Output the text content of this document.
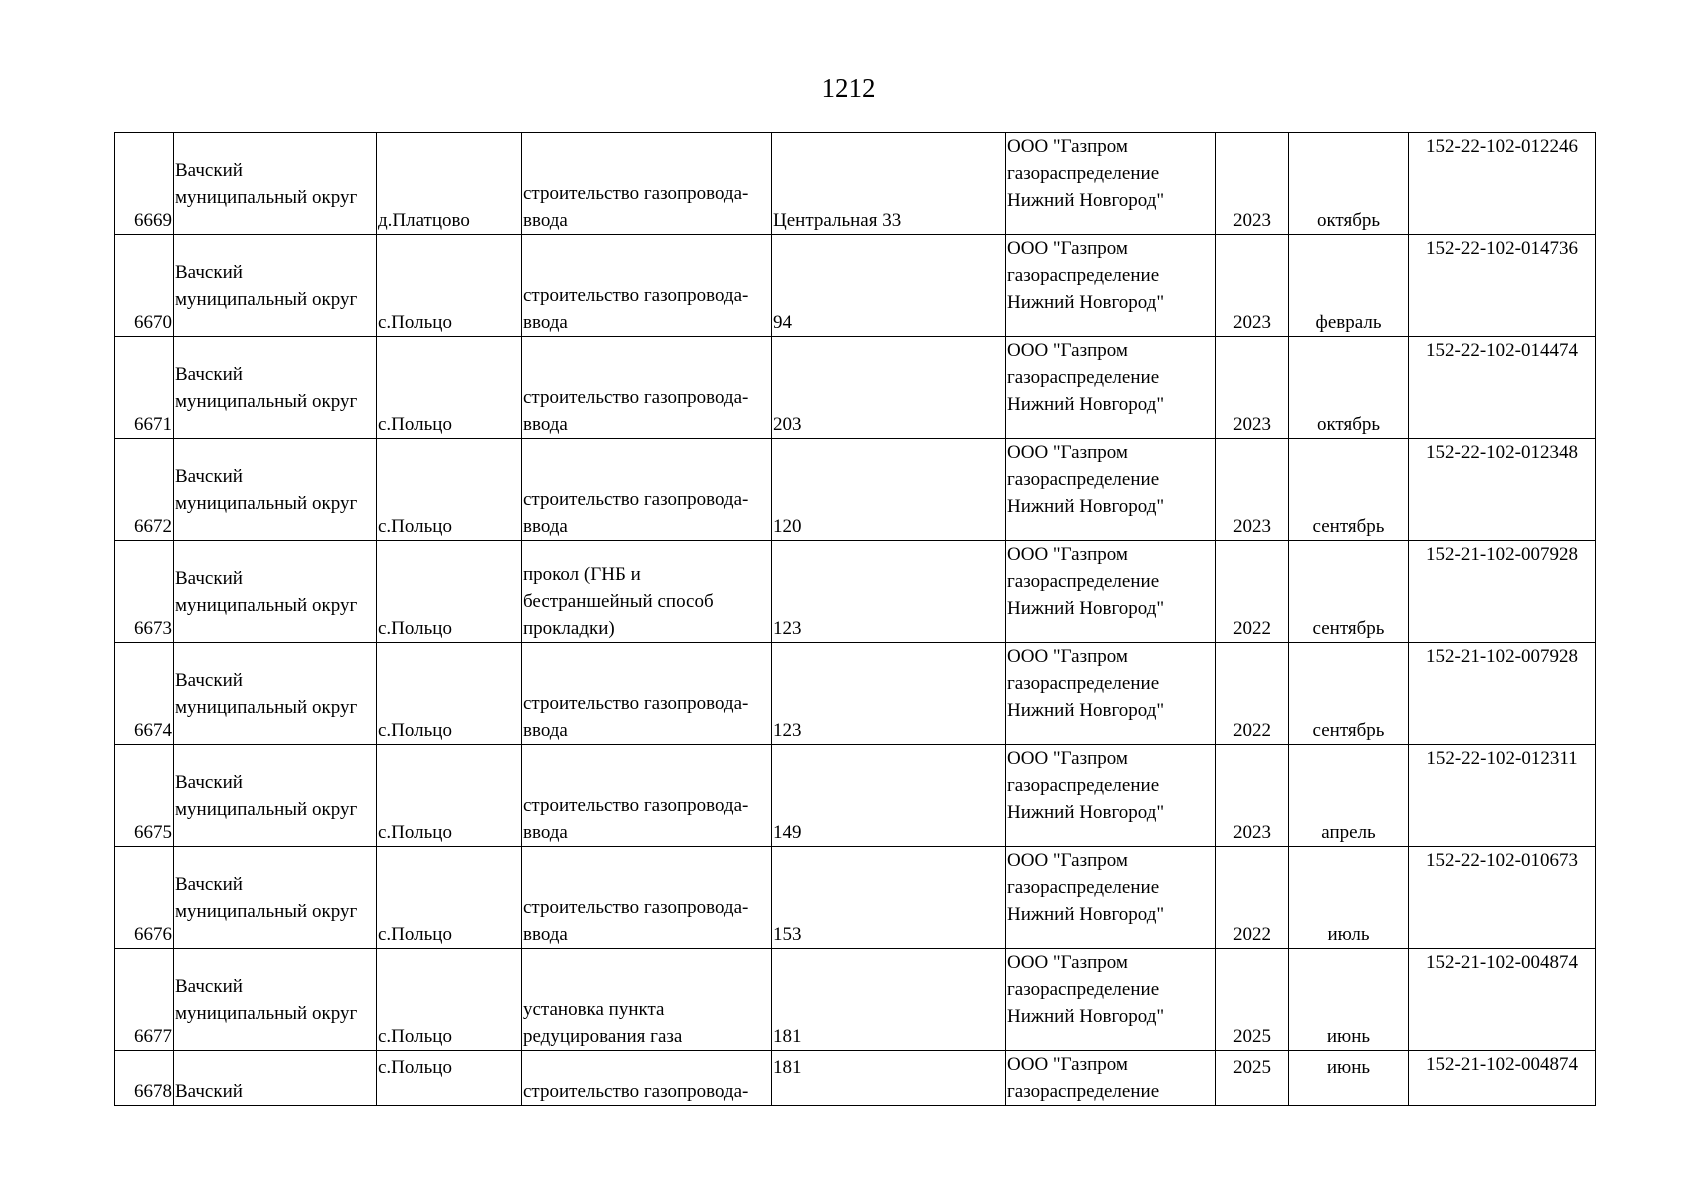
1212
6669	Вачский
муниципальный округ	д.Платцово	строительство газопровода-
ввода	Центральная 33	ООО "Газпром
газораспределение
Нижний Новгород"	2023	октябрь	152-22-102-012246
6670	Вачский
муниципальный округ	с.Польцо	строительство газопровода-
ввода	94	ООО "Газпром
газораспределение
Нижний Новгород"	2023	февраль	152-22-102-014736
6671	Вачский
муниципальный округ	с.Польцо	строительство газопровода-
ввода	203	ООО "Газпром
газораспределение
Нижний Новгород"	2023	октябрь	152-22-102-014474
6672	Вачский
муниципальный округ	с.Польцо	строительство газопровода-
ввода	120	ООО "Газпром
газораспределение
Нижний Новгород"	2023	сентябрь	152-22-102-012348
6673	Вачский
муниципальный округ	с.Польцо	прокол (ГНБ и
бестраншейный способ
прокладки)	123	ООО "Газпром
газораспределение
Нижний Новгород"	2022	сентябрь	152-21-102-007928
6674	Вачский
муниципальный округ	с.Польцо	строительство газопровода-
ввода	123	ООО "Газпром
газораспределение
Нижний Новгород"	2022	сентябрь	152-21-102-007928
6675	Вачский
муниципальный округ	с.Польцо	строительство газопровода-
ввода	149	ООО "Газпром
газораспределение
Нижний Новгород"	2023	апрель	152-22-102-012311
6676	Вачский
муниципальный округ	с.Польцо	строительство газопровода-
ввода	153	ООО "Газпром
газораспределение
Нижний Новгород"	2022	июль	152-22-102-010673
6677	Вачский
муниципальный округ	с.Польцо	установка пункта
редуцирования газа	181	ООО "Газпром
газораспределение
Нижний Новгород"	2025	июнь	152-21-102-004874
6678	Вачский	с.Польцо	строительство газопровода-	181	ООО "Газпром
газораспределение	2025	июнь	152-21-102-004874
